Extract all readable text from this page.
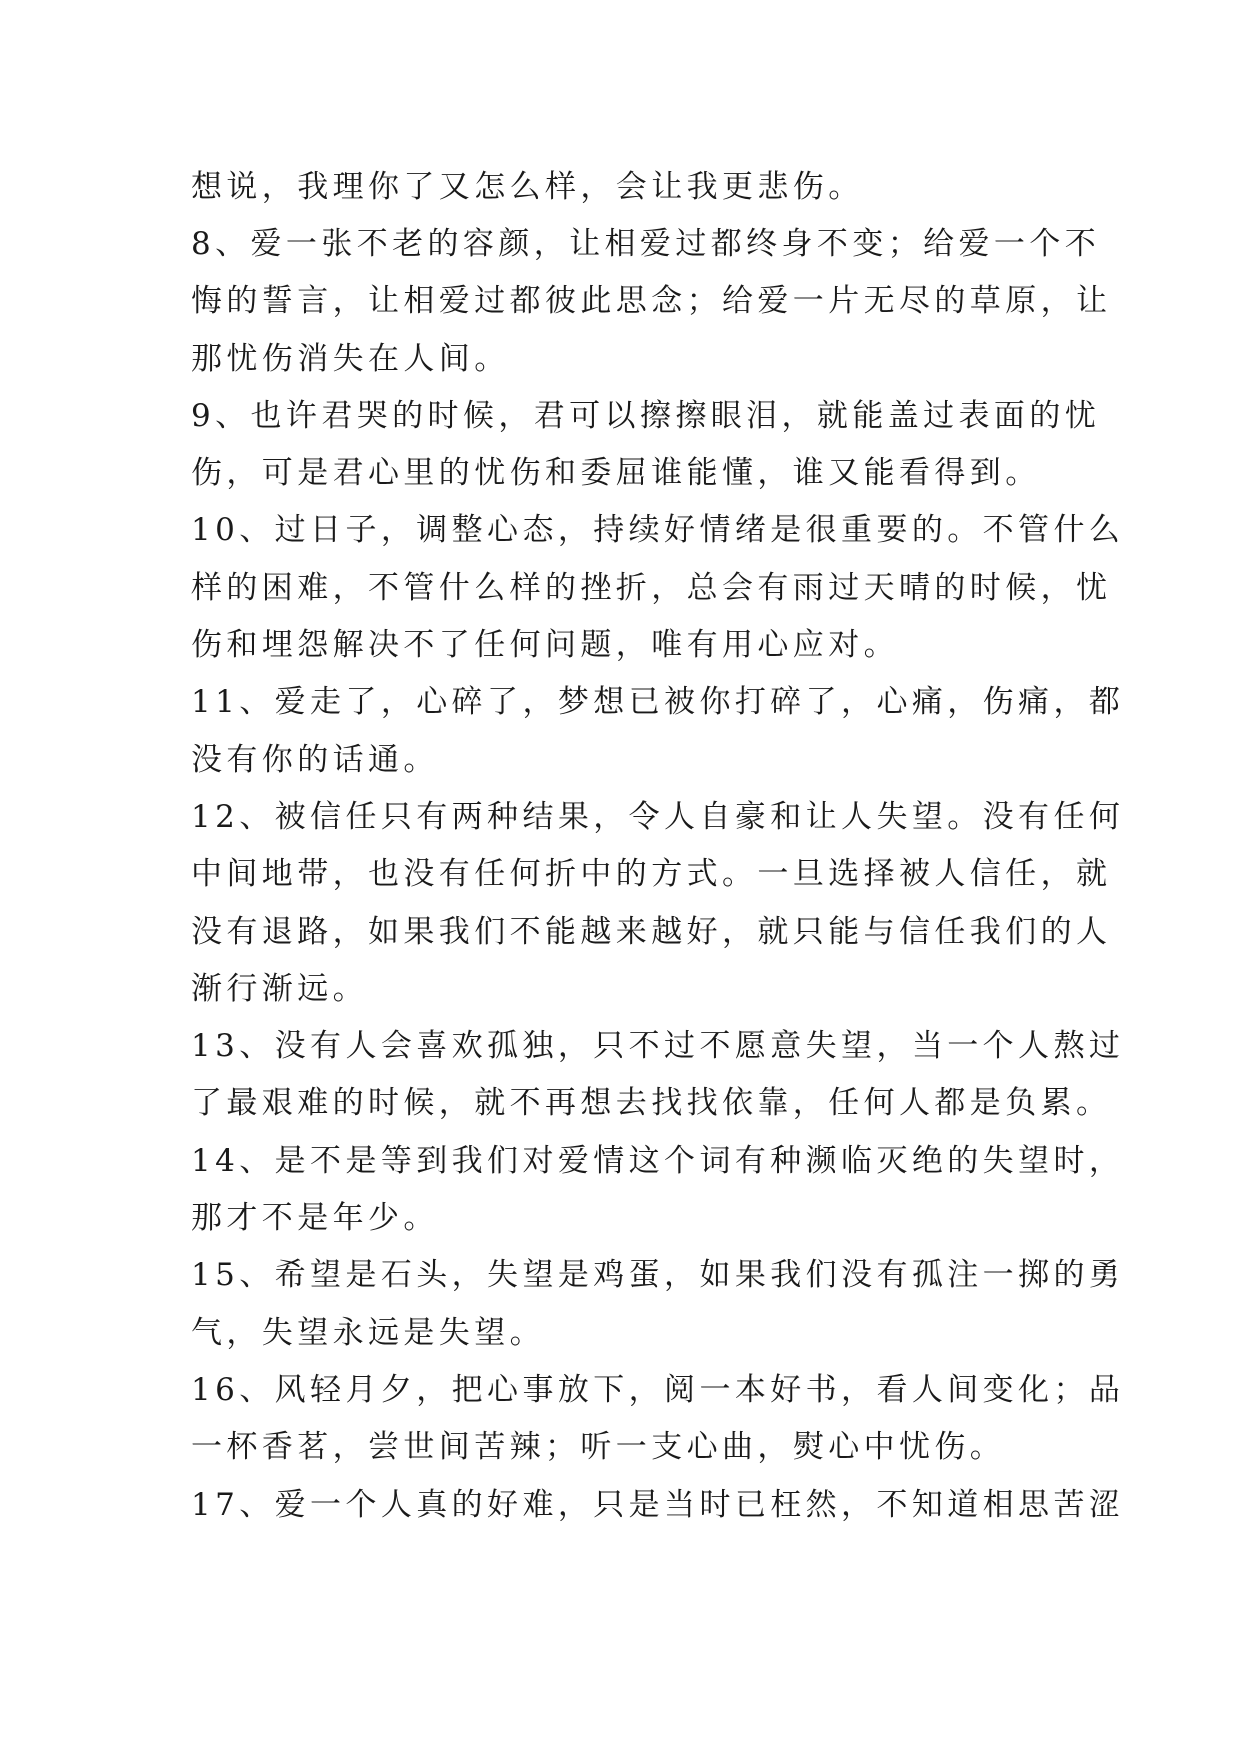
想说，我理你了又怎么样，会让我更悲伤。
8、爱一张不老的容颜，让相爱过都终身不变；给爱一个不
悔的誓言，让相爱过都彼此思念；给爱一片无尽的草原，让
那忧伤消失在人间。
9、也许君哭的时候，君可以擦擦眼泪，就能盖过表面的忧
伤，可是君心里的忧伤和委屈谁能懂，谁又能看得到。
10、过日子，调整心态，持续好情绪是很重要的。不管什么
样的困难，不管什么样的挫折，总会有雨过天晴的时候，忧
伤和埋怨解决不了任何问题，唯有用心应对。
11、爱走了，心碎了，梦想已被你打碎了，心痛，伤痛，都
没有你的话通。
12、被信任只有两种结果，令人自豪和让人失望。没有任何
中间地带，也没有任何折中的方式。一旦选择被人信任，就
没有退路，如果我们不能越来越好，就只能与信任我们的人
渐行渐远。
13、没有人会喜欢孤独，只不过不愿意失望，当一个人熬过
了最艰难的时候，就不再想去找找依靠，任何人都是负累。
14、是不是等到我们对爱情这个词有种濒临灭绝的失望时，
那才不是年少。
15、希望是石头，失望是鸡蛋，如果我们没有孤注一掷的勇
气，失望永远是失望。
16、风轻月夕，把心事放下，阅一本好书，看人间变化；品
一杯香茗，尝世间苦辣；听一支心曲，熨心中忧伤。
17、爱一个人真的好难，只是当时已枉然，不知道相思苦涩
